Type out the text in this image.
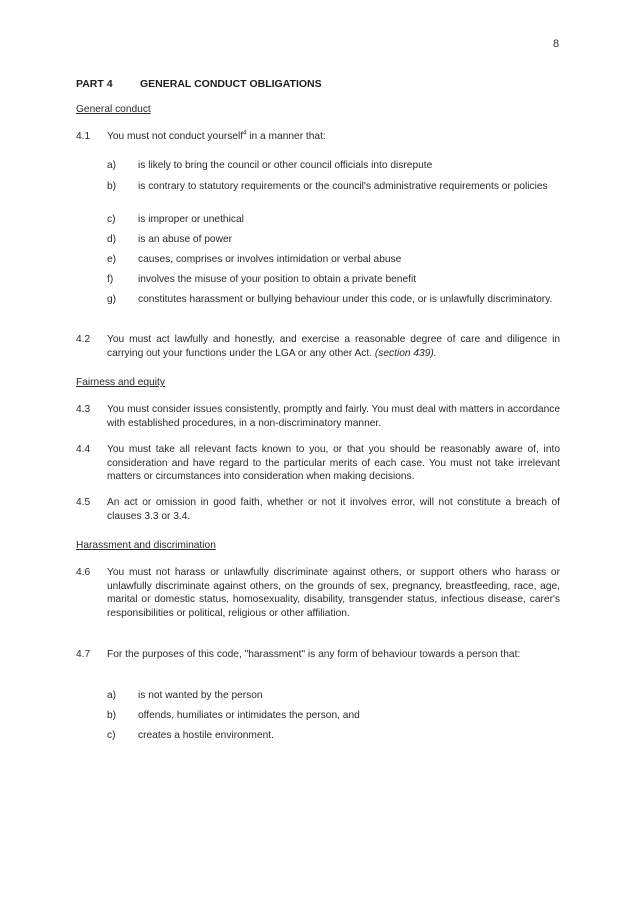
8
PART 4	GENERAL CONDUCT OBLIGATIONS
General conduct
4.1	You must not conduct yourself$^4$ in a manner that:
a)	is likely to bring the council or other council officials into disrepute
b)	is contrary to statutory requirements or the council's administrative requirements or policies
c)	is improper or unethical
d)	is an abuse of power
e)	causes, comprises or involves intimidation or verbal abuse
f)	involves the misuse of your position to obtain a private benefit
g)	constitutes harassment or bullying behaviour under this code, or is unlawfully discriminatory.
4.2	You must act lawfully and honestly, and exercise a reasonable degree of care and diligence in carrying out your functions under the LGA or any other Act. (section 439).
Fairness and equity
4.3	You must consider issues consistently, promptly and fairly. You must deal with matters in accordance with established procedures, in a non-discriminatory manner.
4.4	You must take all relevant facts known to you, or that you should be reasonably aware of, into consideration and have regard to the particular merits of each case. You must not take irrelevant matters or circumstances into consideration when making decisions.
4.5	An act or omission in good faith, whether or not it involves error, will not constitute a breach of clauses 3.3 or 3.4.
Harassment and discrimination
4.6	You must not harass or unlawfully discriminate against others, or support others who harass or unlawfully discriminate against others, on the grounds of sex, pregnancy, breastfeeding, race, age, marital or domestic status, homosexuality, disability, transgender status, infectious disease, carer's responsibilities or political, religious or other affiliation.
4.7	For the purposes of this code, "harassment" is any form of behaviour towards a person that:
a)	is not wanted by the person
b)	offends, humiliates or intimidates the person, and
c)	creates a hostile environment.
